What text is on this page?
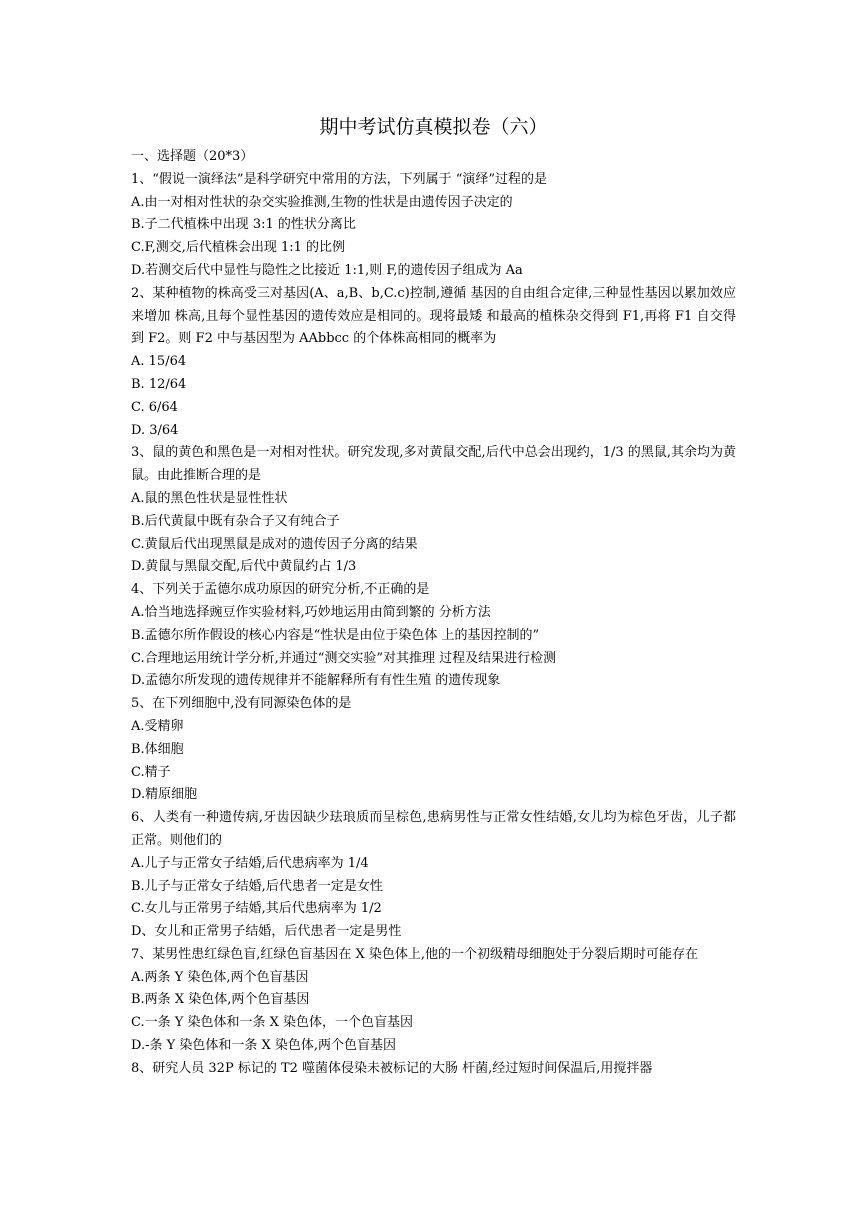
期中考试仿真模拟卷（六）
一、选择题（20*3）
1、“假说一演绎法”是科学研究中常用的方法，下列属于 “演绎”过程的是
A.由一对相对性状的杂交实验推测,生物的性状是由遗传因子决定的
B.子二代植株中出现 3:1 的性状分离比
C.F,测交,后代植株会出现 1:1 的比例
D.若测交后代中显性与隐性之比接近 1:1,则 F,的遗传因子组成为 Aa
2、某种植物的株高受三对基因(A、a,B、b,C.c)控制,遵循 基因的自由组合定律,三种显性基因以累加效应来增加 株高,且每个显性基因的遗传效应是相同的。现将最矮 和最高的植株杂交得到 F1,再将 F1 自交得到 F2。则 F2 中与基因型为 AAbbcc 的个体株高相同的概率为
A. 15/64
B. 12/64
C. 6/64
D. 3/64
3、鼠的黄色和黑色是一对相对性状。研究发现,多对黄鼠交配,后代中总会出现约，1/3 的黑鼠,其余均为黄鼠。由此推断合理的是
A.鼠的黑色性状是显性性状
B.后代黄鼠中既有杂合子又有纯合子
C.黄鼠后代出现黑鼠是成对的遗传因子分离的结果
D.黄鼠与黑鼠交配,后代中黄鼠约占 1/3
4、下列关于孟德尔成功原因的研究分析,不正确的是
A.恰当地选择豌豆作实验材料,巧妙地运用由简到繁的 分析方法
B.孟德尔所作假设的核心内容是“性状是由位于染色体 上的基因控制的”
C.合理地运用统计学分析,并通过“测交实验”对其推理 过程及结果进行检测
D.孟德尔所发现的遗传规律并不能解释所有有性生殖 的遗传现象
5、在下列细胞中,没有同源染色体的是
A.受精卵
B.体细胞
C.精子
D.精原细胞
6、人类有一种遗传病,牙齿因缺少珐琅质而呈棕色,患病男性与正常女性结婚,女儿均为棕色牙齿，儿子都正常。则他们的
A.儿子与正常女子结婚,后代患病率为 1/4
B.儿子与正常女子结婚,后代患者一定是女性
C.女儿与正常男子结婚,其后代患病率为 1/2
D、女儿和正常男子结婚，后代患者一定是男性
7、某男性患红绿色盲,红绿色盲基因在 X 染色体上,他的一个初级精母细胞处于分裂后期时可能存在
A.两条 Y 染色体,两个色盲基因
B.两条 X 染色体,两个色盲基因
C.一条 Y 染色体和一条 X 染色体，一个色盲基因
D.-条 Y 染色体和一条 X 染色体,两个色盲基因
8、研究人员 32P 标记的 T2 噬菌体侵染未被标记的大肠 杆菌,经过短时间保温后,用搅拌器
